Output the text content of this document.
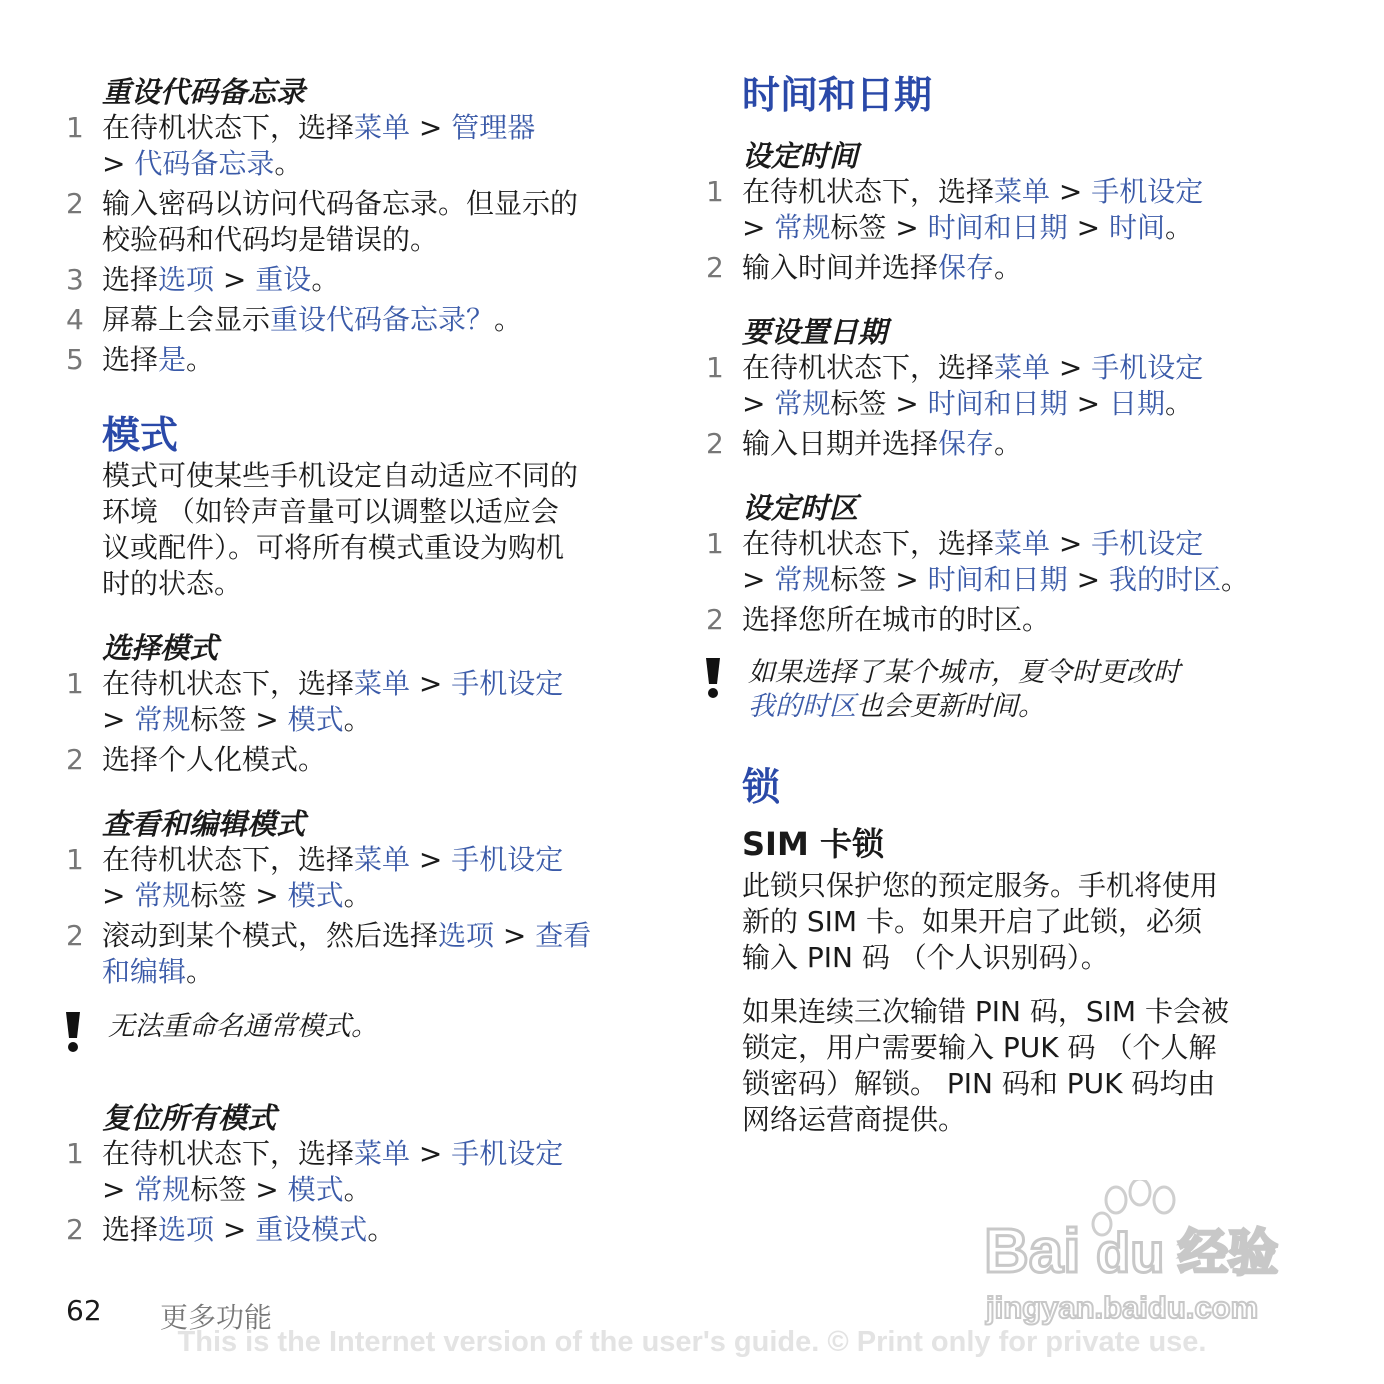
重设代码备忘录
1 在待机状态下，选择菜单 > 管理器
> 代码备忘录。
2 输入密码以访问代码备忘录。但显示的
校验码和代码均是错误的。
3 选择选项 > 重设。
4 屏幕上会显示重设代码备忘录？。
5 选择是。
模式
模式可使某些手机设定自动适应不同的
环境 （如铃声音量可以调整以适应会
议或配件）。可将所有模式重设为购机
时的状态。
选择模式
1 在待机状态下，选择菜单 > 手机设定
> 常规标签 > 模式。
2 选择个人化模式。
查看和编辑模式
1 在待机状态下，选择菜单 > 手机设定
> 常规标签 > 模式。
2 滚动到某个模式，然后选择选项 > 查看
和编辑。
无法重命名通常模式。
复位所有模式
1 在待机状态下，选择菜单 > 手机设定
> 常规标签 > 模式。
2 选择选项 > 重设模式。
时间和日期
设定时间
1 在待机状态下，选择菜单 > 手机设定
> 常规标签 > 时间和日期 > 时间。
2 输入时间并选择保存。
要设置日期
1 在待机状态下，选择菜单 > 手机设定
> 常规标签 > 时间和日期 > 日期。
2 输入日期并选择保存。
设定时区
1 在待机状态下，选择菜单 > 手机设定
> 常规标签 > 时间和日期 > 我的时区。
2 选择您所在城市的时区。
如果选择了某个城市，夏令时更改时
我的时区也会更新时间。
锁
SIM 卡锁
此锁只保护您的预定服务。手机将使用
新的 SIM 卡。如果开启了此锁，必须
输入 PIN 码 （个人识别码）。
如果连续三次输错 PIN 码，SIM 卡会被
锁定，用户需要输入 PUK 码 （个人解
锁密码）解锁。 PIN 码和 PUK 码均由
网络运营商提供。
62 更多功能
This is the Internet version of the user's guide. © Print only for private use.
Bai du 经验
jingyan.baidu.com
